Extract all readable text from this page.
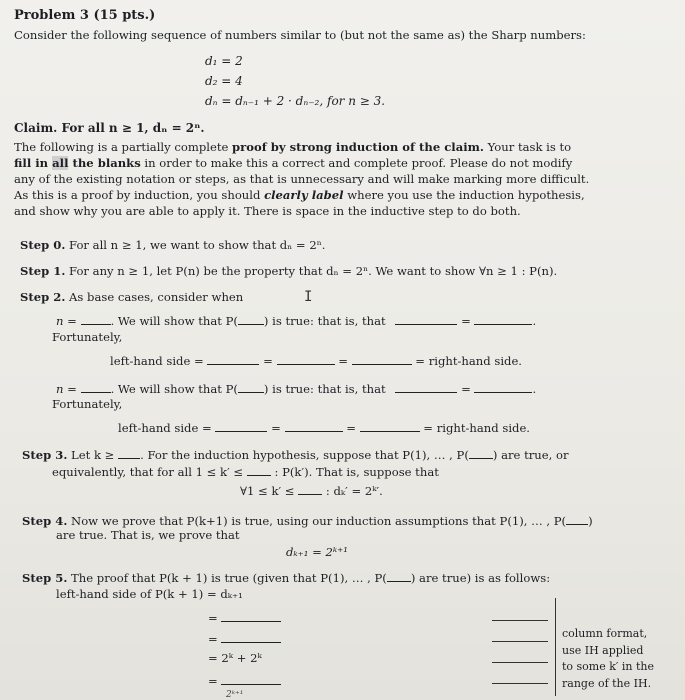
Problem 3 (15 pts.)
Consider the following sequence of numbers similar to (but not the same as) the Sharp numbers:
d₁ = 2
d₂ = 4
dₙ = dₙ₋₁ + 2 · dₙ₋₂, for n ≥ 3.
Claim. For all n ≥ 1, dₙ = 2ⁿ.
The following is a partially complete proof by strong induction of the claim. Your task is to
fill in all the blanks in order to make this a correct and complete proof. Please do not modify
any of the existing notation or steps, as that is unnecessary and will make marking more difficult.
As this is a proof by induction, you should clearly label where you use the induction hypothesis,
and show why you are able to apply it. There is space in the inductive step to do both.
Step 0. For all n ≥ 1, we want to show that dₙ = 2ⁿ.
Step 1. For any n ≥ 1, let P(n) be the property that dₙ = 2ⁿ. We want to show ∀n ≥ 1 : P(n).
Step 2. As base cases, consider when	I
n =	. We will show that P( ) is true: that is, that	=	.
Fortunately,
left-hand side =	=	=	= right-hand side.
n =	. We will show that P( ) is true: that is, that	=	.
Fortunately,
left-hand side =	=	=	= right-hand side.
Step 3. Let k ≥ . For the induction hypothesis, suppose that P(1), … , P( ) are true, or
equivalently, that for all 1 ≤ k′ ≤	: P(k′). That is, suppose that
∀1 ≤ k′ ≤	: dₖ′ = 2ᵏ′.
Step 4. Now we prove that P(k+1) is true, using our induction assumptions that P(1), … , P( )
are true. That is, we prove that
dₖ₊₁ = 2ᵏ⁺¹
Step 5. The proof that P(k + 1) is true (given that P(1), … , P( ) are true) is as follows:
left-hand side of P(k + 1) = dₖ₊₁
=
=
= 2ᵏ + 2ᵏ
=
2ᵏ⁺¹
column format,
use IH applied
to some k′ in the
range of the IH.
